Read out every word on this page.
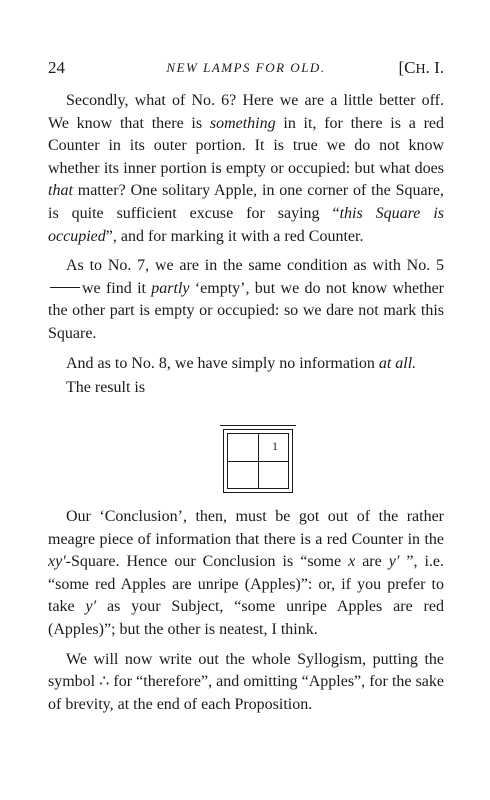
24	NEW LAMPS FOR OLD.	[CH. I.

Secondly, what of No. 6? Here we are a little better off. We know that there is something in it, for there is a red Counter in its outer portion. It is true we do not know whether its inner portion is empty or occupied: but what does that matter? One solitary Apple, in one corner of the Square, is quite sufficient excuse for saying “this Square is occupied”, and for marking it with a red Counter.

As to No. 7, we are in the same condition as with No. 5we find it partly ‘empty’, but we do not know whether the other part is empty or occupied: so we dare not mark this Square.

And as to No. 8, we have simply no information at all.

The result is

1

Our ‘Conclusion’, then, must be got out of the rather meagre piece of information that there is a red Counter in the xy′-Square. Hence our Conclusion is “some x are y′ ”, i.e. “some red Apples are unripe (Apples)”: or, if you prefer to take y′ as your Subject, “some unripe Apples are red (Apples)”; but the other is neatest, I think.

We will now write out the whole Syllogism, putting the symbol ∴ for “therefore”, and omitting “Apples”, for the sake of brevity, at the end of each Proposition.
